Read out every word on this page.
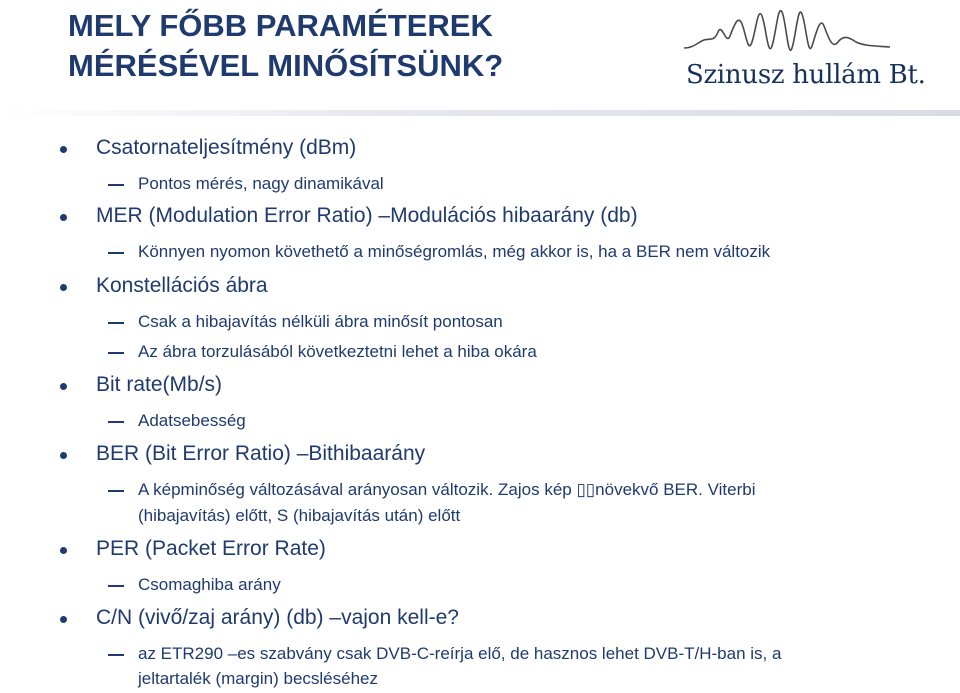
MELY FŐBB PARAMÉTEREK
MÉRÉSÉVEL MINŐSÍTSÜNK?	Szinusz hullám Bt.
Csatornateljesítmény (dBm)
Pontos mérés, nagy dinamikával
MER (Modulation Error Ratio) –Modulációs hibaarány (db)
Könnyen nyomon követhető a minőségromlás, még akkor is, ha a BER nem változik
Konstellációs ábra
Csak a hibajavítás nélküli ábra minősít pontosan
Az ábra torzulásából következtetni lehet a hiba okára
Bit rate(Mb/s)
Adatsebesség
BER (Bit Error Ratio) –Bithibaarány
A képminőség változásával arányosan változik. Zajos kép ▯▯növekvő BER. Viterbi
(hibajavítás) előtt, S (hibajavítás után) előtt
PER (Packet Error Rate)
Csomaghiba arány
C/N (vivő/zaj arány) (db) –vajon kell-e?
az ETR290 –es szabvány csak DVB-C-reírja elő, de hasznos lehet DVB-T/H-ban is, a
jeltartalék (margin) becsléséhez
